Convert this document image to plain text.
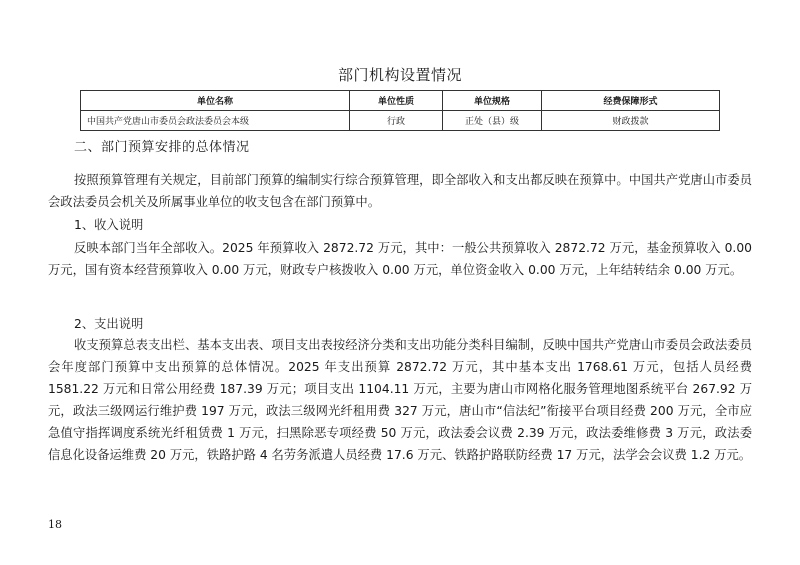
部门机构设置情况
单位名称	单位性质	单位规格	经费保障形式
中国共产党唐山市委员会政法委员会本级	行政	正处（县）级	财政拨款
二、部门预算安排的总体情况

按照预算管理有关规定，目前部门预算的编制实行综合预算管理，即全部收入和支出都反映在预算中。中国共产党唐山市委员会政法委员会机关及所属事业单位的收支包含在部门预算中。

1、收入说明

反映本部门当年全部收入。2025 年预算收入 2872.72 万元，其中：一般公共预算收入 2872.72 万元，基金预算收入 0.00 万元，国有资本经营预算收入 0.00 万元，财政专户核拨收入 0.00 万元，单位资金收入 0.00 万元，上年结转结余 0.00 万元。

2、支出说明

收支预算总表支出栏、基本支出表、项目支出表按经济分类和支出功能分类科目编制，反映中国共产党唐山市委员会政法委员会年度部门预算中支出预算的总体情况。2025 年支出预算 2872.72 万元，其中基本支出 1768.61 万元，包括人员经费 1581.22 万元和日常公用经费 187.39 万元；项目支出 1104.11 万元，主要为唐山市网格化服务管理地图系统平台 267.92 万元，政法三级网运行维护费 197 万元，政法三级网光纤租用费 327 万元，唐山市“信法纪”衔接平台项目经费 200 万元，全市应急值守指挥调度系统光纤租赁费 1 万元，扫黑除恶专项经费 50 万元，政法委会议费 2.39 万元，政法委维修费 3 万元，政法委信息化设备运维费 20 万元，铁路护路 4 名劳务派遣人员经费 17.6 万元、铁路护路联防经费 17 万元，法学会会议费 1.2 万元。

18
